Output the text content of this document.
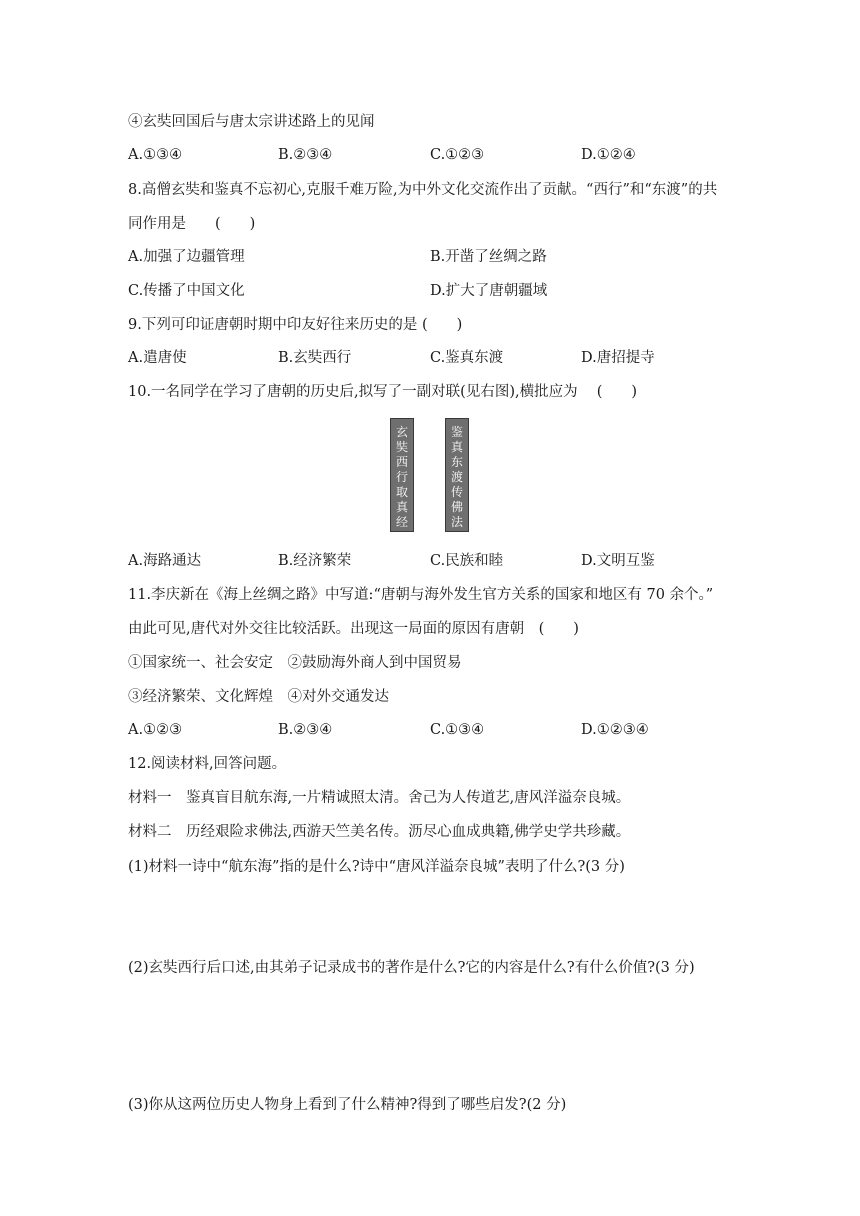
④玄奘回国后与唐太宗讲述路上的见闻
A.①③④	B.②③④	C.①②③	D.①②④
8.高僧玄奘和鉴真不忘初心,克服千难万险,为中外文化交流作出了贡献。“西行”和“东渡”的共
同作用是　　(　　)
A.加强了边疆管理	B.开凿了丝绸之路
C.传播了中国文化	D.扩大了唐朝疆域
9.下列可印证唐朝时期中印友好往来历史的是 (　　)
A.遣唐使	B.玄奘西行	C.鉴真东渡	D.唐招提寺
10.一名同学在学习了唐朝的历史后,拟写了一副对联(见右图),横批应为　 (　　)
玄奘西行取真经
鉴真东渡传佛法
A.海路通达	B.经济繁荣	C.民族和睦	D.文明互鉴
11.李庆新在《海上丝绸之路》中写道:“唐朝与海外发生官方关系的国家和地区有 70 余个。”
由此可见,唐代对外交往比较活跃。出现这一局面的原因有唐朝　(　　)
①国家统一、社会安定　②鼓励海外商人到中国贸易
③经济繁荣、文化辉煌　④对外交通发达
A.①②③	B.②③④	C.①③④	D.①②③④
12.阅读材料,回答问题。
材料一　鉴真盲目航东海,一片精诚照太清。舍己为人传道艺,唐风洋溢奈良城。
材料二　历经艰险求佛法,西游天竺美名传。沥尽心血成典籍,佛学史学共珍藏。
(1)材料一诗中“航东海”指的是什么?诗中“唐风洋溢奈良城”表明了什么?(3 分)
(2)玄奘西行后口述,由其弟子记录成书的著作是什么?它的内容是什么?有什么价值?(3 分)
(3)你从这两位历史人物身上看到了什么精神?得到了哪些启发?(2 分)
